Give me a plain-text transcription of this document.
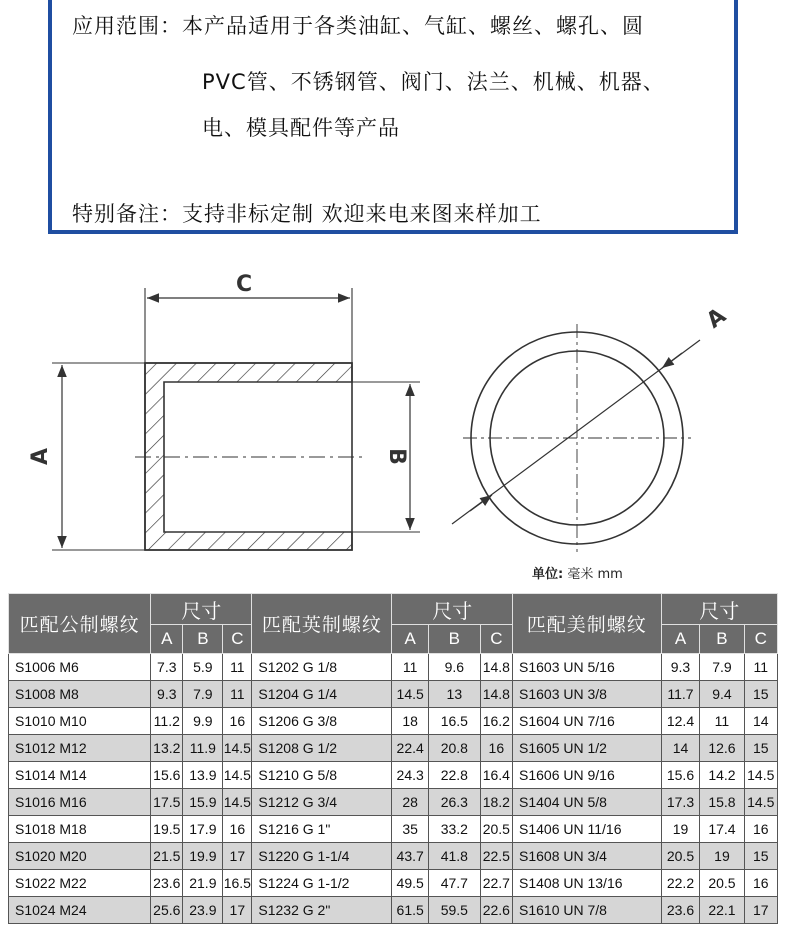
应用范围：本产品适用于各类油缸、气缸、螺丝、螺孔、圆
PVC管、不锈钢管、阀门、法兰、机械、机器、
电、模具配件等产品
特别备注：支持非标定制 欢迎来电来图来样加工
C
A	B
A
单位: 毫米 mm
匹配公制螺纹	尺寸			匹配英制螺纹	尺寸			匹配美制螺纹	尺寸		
	A	B	C		A	B	C		A	B	C
S1006 M6	7.3	5.9	11	S1202 G 1/8	11	9.6	14.8	S1603 UN 5/16	9.3	7.9	11
S1008 M8	9.3	7.9	11	S1204 G 1/4	14.5	13	14.8	S1603 UN 3/8	11.7	9.4	15
S1010 M10	11.2	9.9	16	S1206 G 3/8	18	16.5	16.2	S1604 UN 7/16	12.4	11	14
S1012 M12	13.2	11.9	14.5	S1208 G 1/2	22.4	20.8	16	S1605 UN 1/2	14	12.6	15
S1014 M14	15.6	13.9	14.5	S1210 G 5/8	24.3	22.8	16.4	S1606 UN 9/16	15.6	14.2	14.5
S1016 M16	17.5	15.9	14.5	S1212 G 3/4	28	26.3	18.2	S1404 UN 5/8	17.3	15.8	14.5
S1018 M18	19.5	17.9	16	S1216 G 1"	35	33.2	20.5	S1406 UN 11/16	19	17.4	16
S1020 M20	21.5	19.9	17	S1220 G 1-1/4	43.7	41.8	22.5	S1608 UN 3/4	20.5	19	15
S1022 M22	23.6	21.9	16.5	S1224 G 1-1/2	49.5	47.7	22.7	S1408 UN 13/16	22.2	20.5	16
S1024 M24	25.6	23.9	17	S1232 G 2"	61.5	59.5	22.6	S1610 UN 7/8	23.6	22.1	17
